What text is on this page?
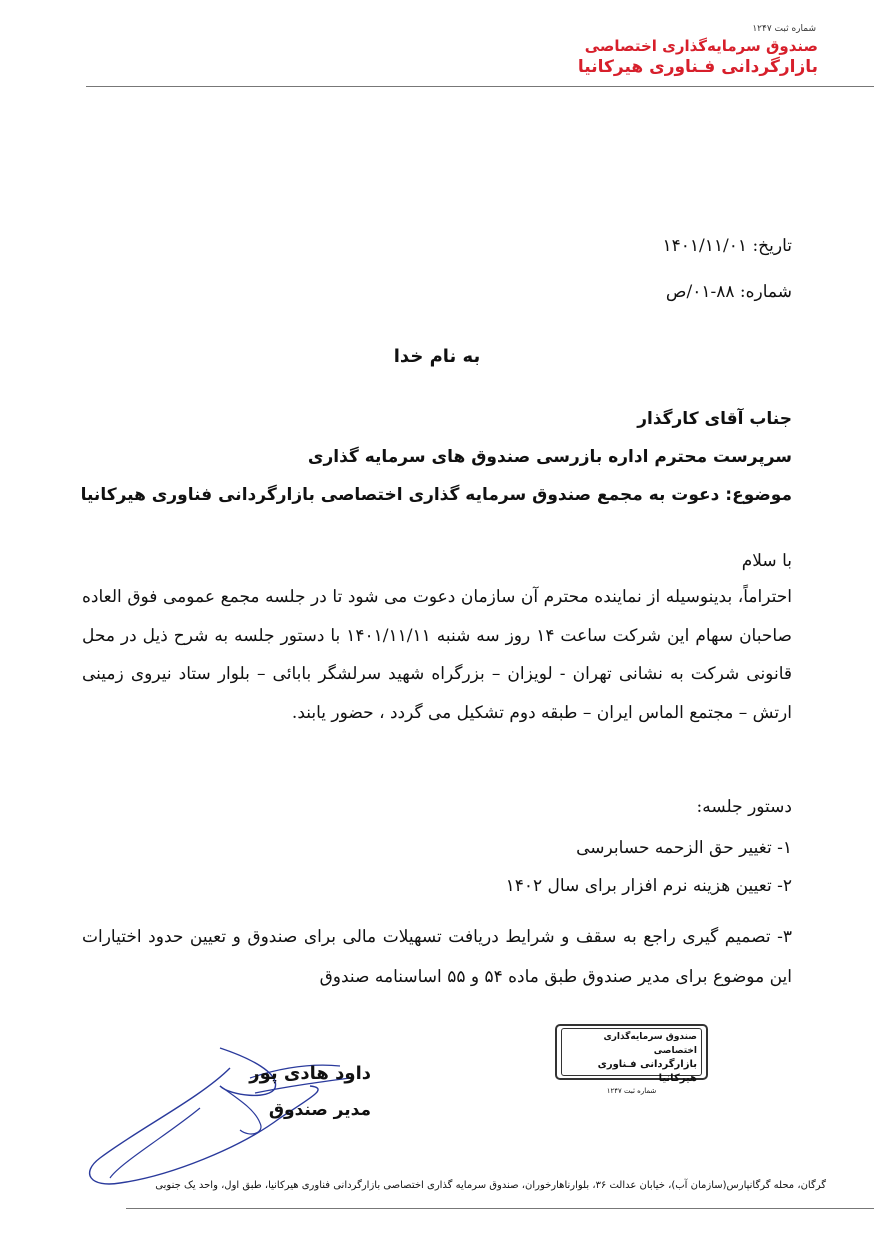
شماره ثبت ۱۲۴۷
صندوق سرمایه‌گذاری اختصاصی
بازارگردانی فـناوری هیرکانیا
تاریخ: ۱۴۰۱/۱۱/۰۱
شماره: ۸۸-۰۱/ص
به نام خدا
جناب آقای کارگذار
سرپرست محترم اداره بازرسی صندوق های سرمایه گذاری
موضوع: دعوت به مجمع صندوق سرمایه گذاری اختصاصی بازارگردانی فناوری هیرکانیا
با سلام
احتراماً، بدینوسیله از نماینده محترم آن سازمان دعوت می شود تا در جلسه مجمع عمومی فوق العاده صاحبان سهام این شرکت ساعت ۱۴ روز سه شنبه ۱۴۰۱/۱۱/۱۱ با دستور جلسه به شرح ذیل در محل قانونی شرکت به نشانی تهران - لویزان – بزرگراه شهید سرلشگر بابائی – بلوار ستاد نیروی زمینی ارتش – مجتمع الماس ایران – طبقه دوم تشکیل می گردد ، حضور یابند.
دستور جلسه:
۱- تغییر حق الزحمه حسابرسی
۲- تعیین هزینه نرم افزار برای سال ۱۴۰۲
۳- تصمیم گیری راجع به سقف و شرایط دریافت تسهیلات مالی برای صندوق و تعیین حدود اختیارات این موضوع برای مدیر صندوق طبق ماده ۵۴ و ۵۵ اساسنامه صندوق
صندوق سرمایه‌گذاری اختصاصی
بازارگردانی فـناوری هیرکانیا
شماره ثبت ۱۲۴۷
داود هادی پور
مدیر صندوق
گرگان، محله گرگانپارس(سازمان آب)، خیابان عدالت ۳۶، بلوارناهارخوران، صندوق سرمایه گذاری اختصاصی بازارگردانی فناوری هیرکانیا، طبق اول، واحد یک جنوبی
